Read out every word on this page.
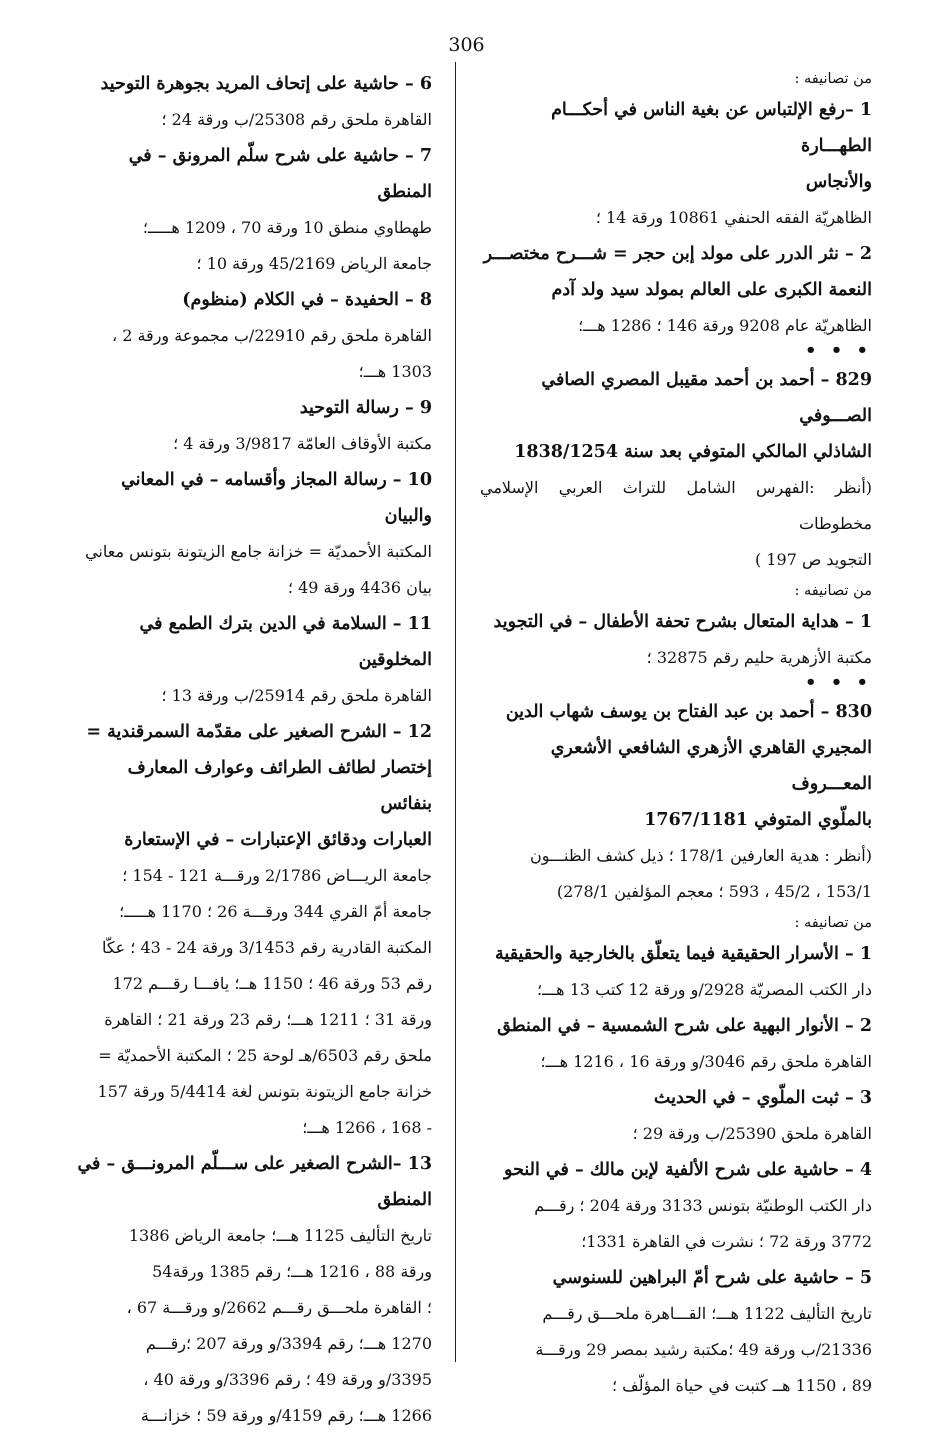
306

من تصانيفه :

1 –رفع الإلتباس عن بغية الناس في أحكـــام الطهـــارة

والأنجاس

الظاهريّة الفقه الحنفي 10861 ورقة 14 ؛

2 – نثر الدرر على مولد إبن حجر = شـــرح مختصـــر

النعمة الكبرى على العالم بمولد سيد ولد آدم

الظاهريّة عام 9208 ورقة 146 ؛ 1286 هـــ؛

• • •

829 – أحمد بن أحمد مقيبل المصري الصافي الصـــوفي

الشاذلي المالكي المتوفي بعد سنة 1838/1254

(أنظر :الفهرس الشامل للتراث العربي الإسلامي مخطوطات

التجويد ص 197 )

من تصانيفه :

1 – هداية المتعال بشرح تحفة الأطفال – في التجويد

مكتبة الأزهرية حليم رقم 32875 ؛

• • •

830 – أحمد بن عبد الفتاح بن يوسف شهاب الدين

المجيري القاهري الأزهري الشافعي الأشعري المعـــروف

بالملّوي المتوفي 1767/1181

(أنظر : هدية العارفين 178/1 ؛ ذيل كشف الظنـــون

153/1 ، 45/2 ، 593 ؛ معجم المؤلفين 278/1)

من تصانيفه :

1 – الأسرار الحقيقية فيما يتعلّق بالخارجية والحقيقية

دار الكتب المصريّة 2928/و ورقة 12 كتب 13 هـــ؛

2 – الأنوار البهية على شرح الشمسية – في المنطق

القاهرة ملحق رقم 3046/و ورقة 16 ، 1216 هـــ؛

3 – ثبت الملّوي – في الحديث

القاهرة ملحق 25390/ب ورقة 29 ؛

4 – حاشية على شرح الألفية لإبن مالك – في النحو

دار الكتب الوطنيّة بتونس 3133 ورقة 204 ؛ رقـــم

3772 ورقة 72 ؛ نشرت في القاهرة 1331؛

5 – حاشية على شرح أمّ البراهين للسنوسي

تاريخ التأليف 1122 هـــ؛ القـــاهرة ملحـــق رقـــم

21336/ب ورقة 49 ؛مكتبة رشيد بمصر 29 ورقـــة

89 ، 1150 هــ كتبت في حياة المؤلّف ؛

6 – حاشية على إتحاف المريد بجوهرة التوحيد

القاهرة ملحق رقم 25308/ب ورقة 24 ؛

7 – حاشية على شرح سلّم المرونق – في المنطق

طهطاوي منطق 10 ورقة 70 ، 1209 هـــــ؛

جامعة الرياض 45/2169 ورقة 10 ؛

8 – الحفيدة – في الكلام (منظوم)

القاهرة ملحق رقم 22910/ب مجموعة ورقة 2 ،

1303 هـــ؛

9 – رسالة التوحيد

مكتبة الأوقاف العامّة 3/9817 ورقة 4 ؛

10 – رسالة المجاز وأقسامه – في المعاني والبيان

المكتبة الأحمديّة = خزانة جامع الزيتونة بتونس معاني

بيان 4436 ورقة 49 ؛

11 – السلامة في الدين بترك الطمع في المخلوقين

القاهرة ملحق رقم 25914/ب ورقة 13 ؛

12 – الشرح الصغير على مقدّمة السمرقندية =

إختصار لطائف الطرائف وعوارف المعارف بنفائس

العبارات ودقائق الإعتبارات – في الإستعارة

جامعة الريـــاض 2/1786 ورقـــة 121 - 154 ؛

جامعة أمّ القري 344 ورقـــة 26 ؛ 1170 هـــــ؛

المكتبة القادرية رقم 3/1453 ورقة 24 - 43 ؛ عكّا

رقم 53 ورقة 46 ؛ 1150 هــ؛ يافـــا رقـــم 172

ورقة 31 ؛ 1211 هـــ؛ رقم 23 ورقة 21 ؛ القاهرة

ملحق رقم 6503/هـ لوحة 25 ؛ المكتبة الأحمديّة =

خزانة جامع الزيتونة بتونس لغة 5/4414 ورقة 157

- 168 ، 1266 هـــ؛

13 –الشرح الصغير على ســـلّم المرونـــق – في

المنطق

تاريخ التأليف 1125 هـــ؛ جامعة الرياض 1386

ورقة 88 ، 1216 هـــ؛ رقم 1385 ورقة54

؛ القاهرة ملحـــق رقـــم 2662/و ورقـــة 67 ،

1270 هـــ؛ رقم 3394/و ورقة 207 ؛رقـــم

3395/و ورقة 49 ؛ رقم 3396/و ورقة 40 ،

1266 هـــ؛ رقم 4159/و ورقة 59 ؛ خزانـــة
